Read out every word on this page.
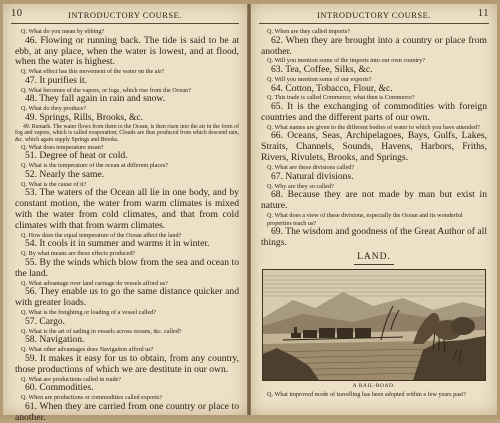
10	INTRODUCTORY COURSE.

Q. What do you mean by ebbing?

46. Flowing or running back. The tide is said to be at ebb, at any place, when the water is lowest, and at flood, when the water is highest.

Q. What effect has this movement of the water on the air?

47. It purifies it.

Q. What becomes of the vapors, or fogs, which rise from the Ocean?

48. They fall again in rain and snow.

Q. What do they produce?

49. Springs, Rills, Brooks, &c.

49. Remark. The water flows from them to the Ocean, is then risen into the air in the form of fog and vapors, which is called evaporation; Clouds are thus produced from which descend rain, &c. which again supply Springs and Brooks.

Q. What does temperature mean?

51. Degree of heat or cold.

Q. What is the temperature of the ocean at different places?

52. Nearly the same.

Q. What is the cause of it?

53. The waters of the Ocean all lie in one body, and by constant motion, the water from warm climates is mixed with the water from cold climates, and that from cold climates with that from warm climates.

Q. How does the equal temperature of the Ocean affect the land?

54. It cools it in summer and warms it in winter.

Q. By what means are these effects produced?

55. By the winds which blow from the sea and ocean to the land.

Q. What advantage over land carriage do vessels afford us?

56. They enable us to go the same distance quicker and with greater loads.

Q. What is the freighting or loading of a vessel called?

57. Cargo.

Q. What is the art of sailing in vessels across oceans, &c. called?

58. Navigation.

Q. What other advantages does Navigation afford us?

59. It makes it easy for us to obtain, from any country, those productions of which we are destitute in our own.

Q. What are productions called in trade?

60. Commodities.

Q. When are productions or commodities called exports?

61. When they are carried from one country or place to another.

INTRODUCTORY COURSE.	11

Q. When are they called imports?

62. When they are brought into a country or place from another.

Q. Will you mention some of the imports into our own country?

63. Tea, Coffee, Silks, &c.

Q. Will you mention some of our exports?

64. Cotton, Tobacco, Flour, &c.

Q. This trade is called Commerce; what then is Commerce?

65. It is the exchanging of commodities with foreign countries and the different parts of our own.

Q. What names are given to the different bodies of water to which you have attended?

66. Oceans, Seas, Archipelagoes, Bays, Gulfs, Lakes, Straits, Channels, Sounds, Havens, Harbors, Friths, Rivers, Rivulets, Brooks, and Springs.

Q. What are these divisions called?

67. Natural divisions.

Q. Why are they so called?

68. Because they are not made by man but exist in nature.

Q. What does a view of these divisions, especially the Ocean and its wonderful properties teach us?

69. The wisdom and goodness of the Great Author of all things.

LAND.
A RAIL-ROAD.
Q. What improved mode of travelling has been adopted within a few years past?
